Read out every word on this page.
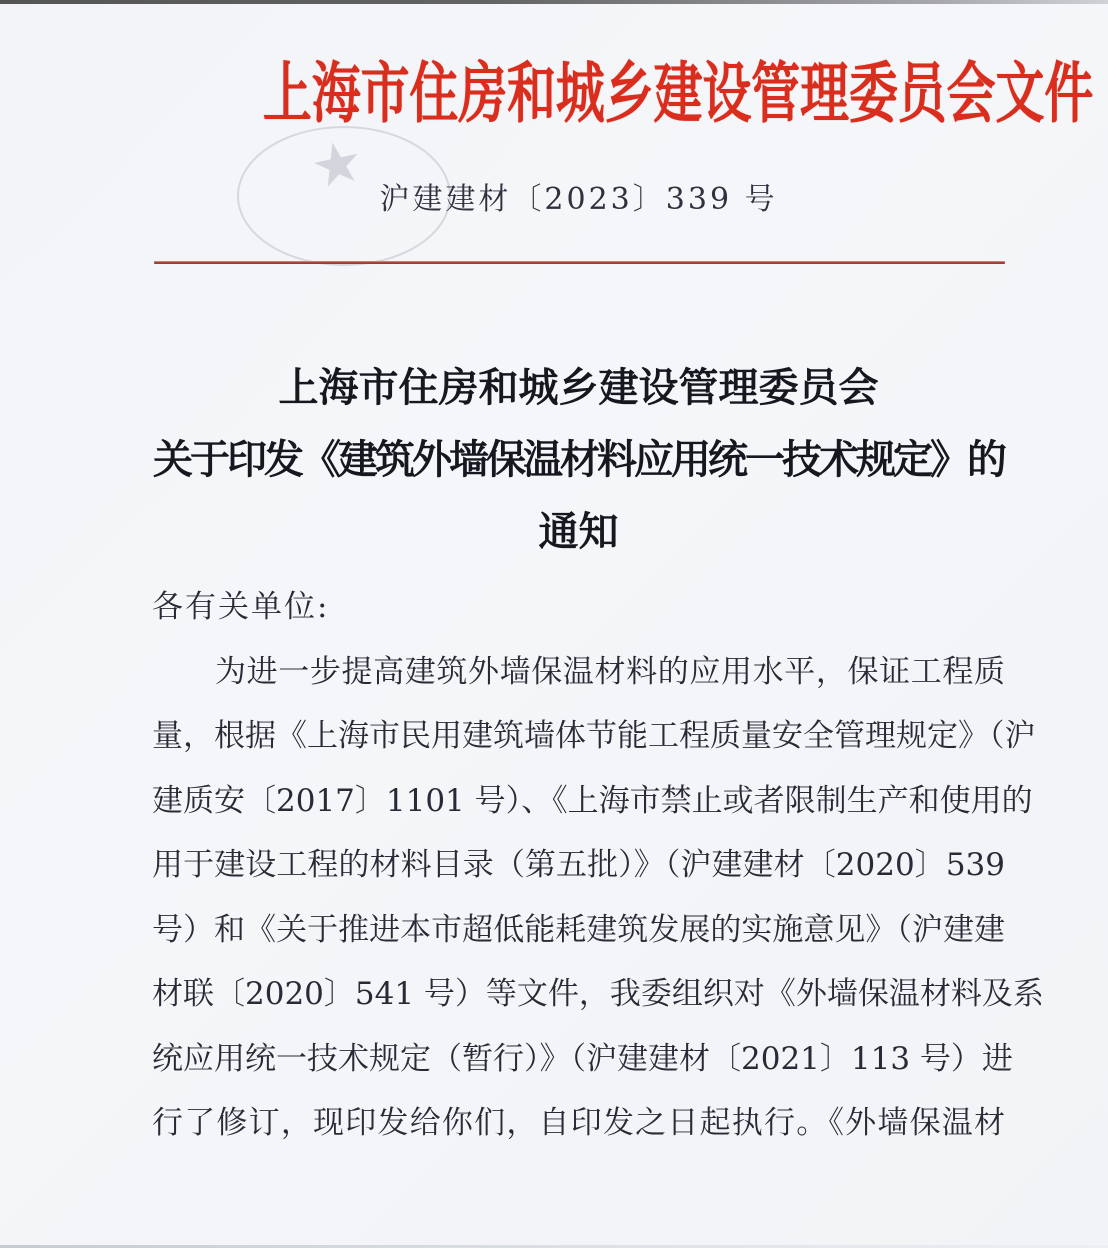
上海市住房和城乡建设管理委员会文件
★ 沪建建材〔2023〕339 号
上海市住房和城乡建设管理委员会
关于印发《建筑外墙保温材料应用统一技术规定》的
通知
各有关单位:
为进一步提高建筑外墙保温材料的应用水平，保证工程质
量，根据《上海市民用建筑墙体节能工程质量安全管理规定》（沪
建质安〔2017〕1101 号）、《上海市禁止或者限制生产和使用的
用于建设工程的材料目录（第五批）》（沪建建材〔2020〕539
号）和《关于推进本市超低能耗建筑发展的实施意见》（沪建建
材联〔2020〕541 号）等文件，我委组织对《外墙保温材料及系
统应用统一技术规定（暂行）》（沪建建材〔2021〕113 号）进
行了修订，现印发给你们，自印发之日起执行。《外墙保温材
